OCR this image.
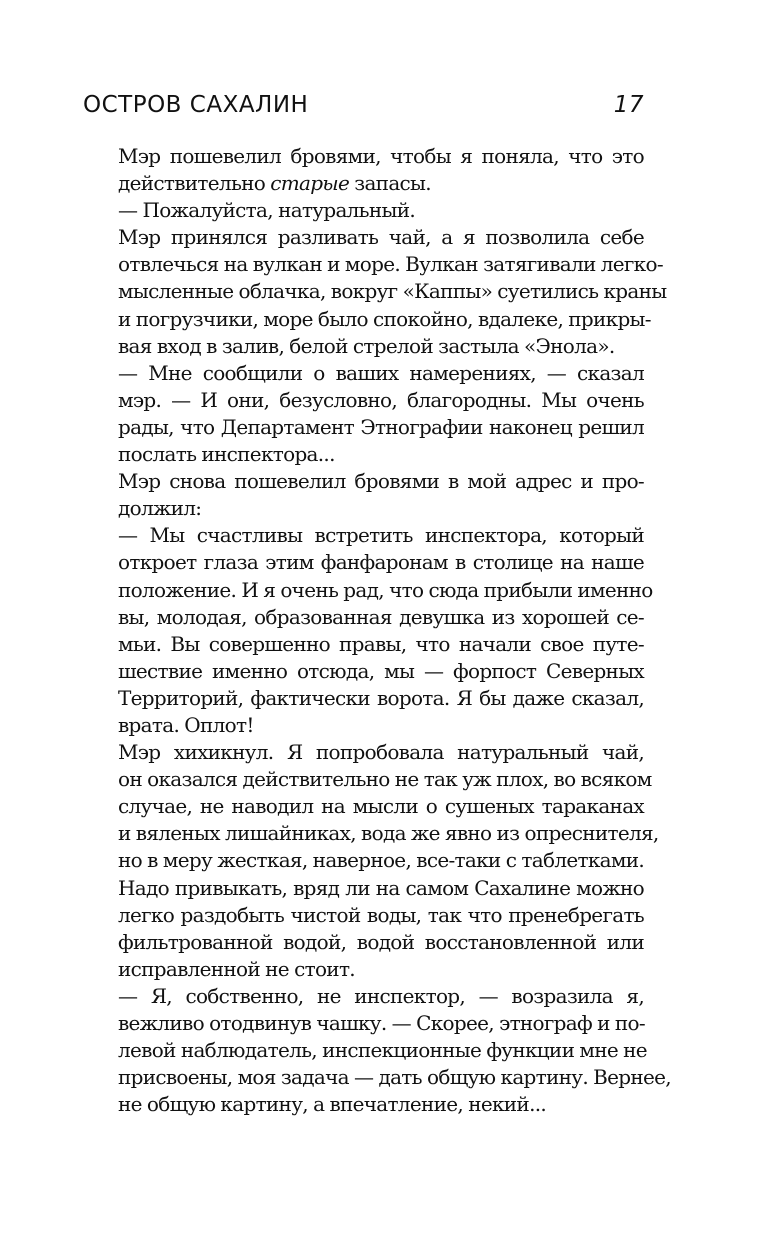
ОСТРОВ САХАЛИН	17

Мэр пошевелил бровями, чтобы я поняла, что это
действительно старые запасы.

— Пожалуйста, натуральный.

Мэр принялся разливать чай, а я позволила себе
отвлечься на вулкан и море. Вулкан затягивали легко-
мысленные облачка, вокруг «Каппы» суетились краны
и погрузчики, море было спокойно, вдалеке, прикры-
вая вход в залив, белой стрелой застыла «Энола».

— Мне сообщили о ваших намерениях, — сказал
мэр. — И они, безусловно, благородны. Мы очень
рады, что Департамент Этнографии наконец решил
послать инспектора...

Мэр снова пошевелил бровями в мой адрес и про-
должил:

— Мы счастливы встретить инспектора, который
откроет глаза этим фанфаронам в столице на наше
положение. И я очень рад, что сюда прибыли именно
вы, молодая, образованная девушка из хорошей се-
мьи. Вы совершенно правы, что начали свое путе-
шествие именно отсюда, мы — форпост Северных
Территорий, фактически ворота. Я бы даже сказал,
врата. Оплот!

Мэр хихикнул. Я попробовала натуральный чай,
он оказался действительно не так уж плох, во всяком
случае, не наводил на мысли о сушеных тараканах
и вяленых лишайниках, вода же явно из опреснителя,
но в меру жесткая, наверное, все-таки с таблетками.
Надо привыкать, вряд ли на самом Сахалине можно
легко раздобыть чистой воды, так что пренебрегать
фильтрованной водой, водой восстановленной или
исправленной не стоит.

— Я, собственно, не инспектор, — возразила я,
вежливо отодвинув чашку. — Скорее, этнограф и по-
левой наблюдатель, инспекционные функции мне не
присвоены, моя задача — дать общую картину. Вернее,
не общую картину, а впечатление, некий...
